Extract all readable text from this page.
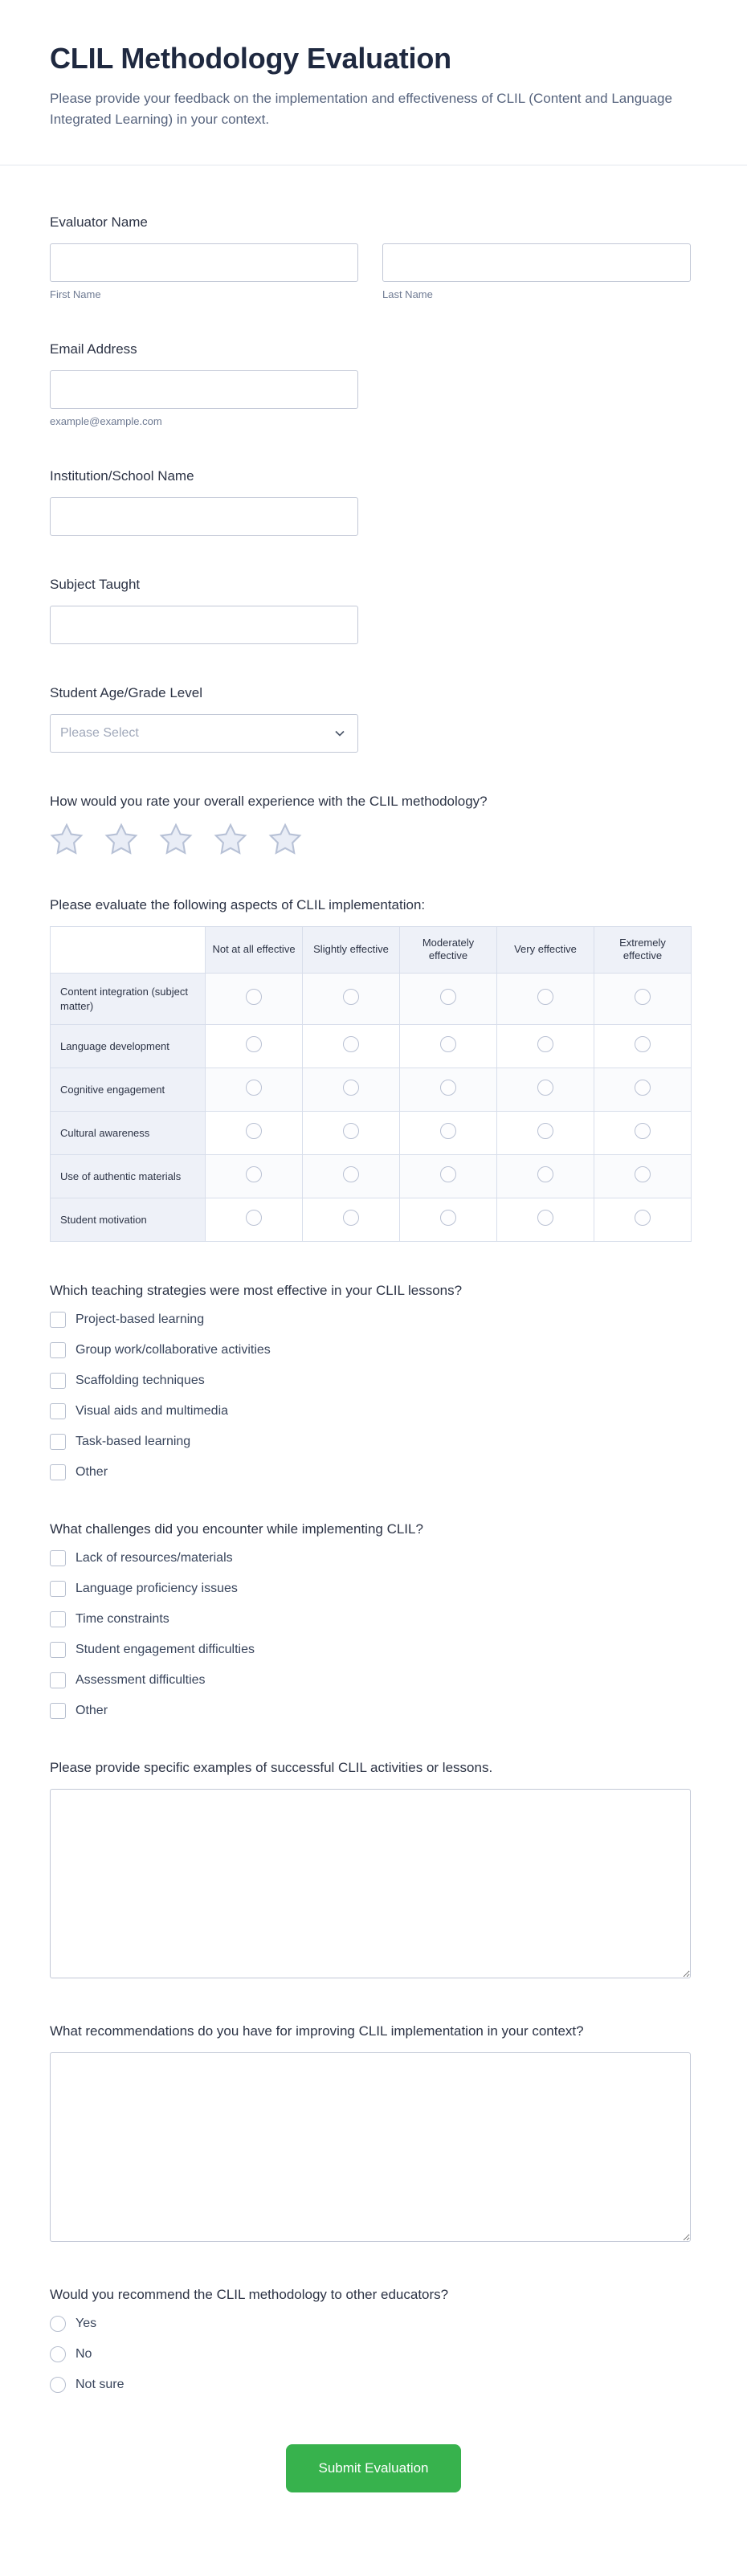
CLIL Methodology Evaluation

Please provide your feedback on the implementation and effectiveness of CLIL (Content and Language Integrated Learning) in your context.

Evaluator Name
First Name	Last Name
Email Address
example@example.com
Institution/School Name
Subject Taught
Student Age/Grade Level
Please Select
How would you rate your overall experience with the CLIL methodology?
Please evaluate the following aspects of CLIL implementation:
	Not at all effective	Slightly effective	Moderately effective	Very effective	Extremely effective
Content integration (subject matter)					
Language development					
Cognitive engagement					
Cultural awareness					
Use of authentic materials					
Student motivation					
Which teaching strategies were most effective in your CLIL lessons?
Project-based learning
Group work/collaborative activities
Scaffolding techniques
Visual aids and multimedia
Task-based learning
Other
What challenges did you encounter while implementing CLIL?
Lack of resources/materials
Language proficiency issues
Time constraints
Student engagement difficulties
Assessment difficulties
Other
Please provide specific examples of successful CLIL activities or lessons.
What recommendations do you have for improving CLIL implementation in your context?
Would you recommend the CLIL methodology to other educators?
Yes
No
Not sure
Submit Evaluation
